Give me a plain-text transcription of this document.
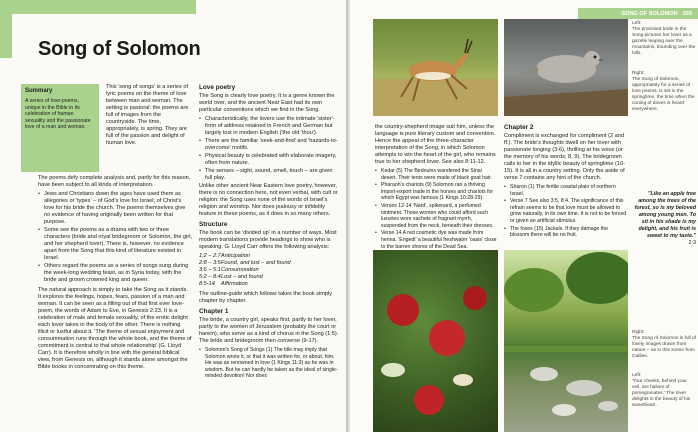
Song of Solomon
Summary
A series of love-poems, unique in the Bible in its celebration of human sexuality and the passionate love of a man and woman.
This 'song of songs' is a series of lyric poems on the theme of love between man and woman. The setting is pastoral: the poems are full of images from the countryside. The time, appropriately, is spring. They are full of the passion and delight of human love.

The poems defy complete analysis and, partly for this reason, have been subject to all kinds of interpretation.

• Jews and Christians down the ages have used them as allegories or 'types' – of God's love for Israel; of Christ's love for his bride the church. The poems themselves give no evidence of having originally been written for that purpose.
• Some see the poems as a drama with two or three characters (bride and royal bridegroom or Solomon, the girl, and her shepherd lover). There is, however, no evidence apart from the Song that this kind of literature existed in Israel.
• Others regard the poems as a series of songs sung during the week-long wedding feast, as in Syria today, with the bride and groom crowned king and queen.

The natural approach is simply to take the Song as it stands. It explores the feelings, hopes, fears, passion of a man and woman. It can be seen as a filling out of that first ever love-poem, the words of Adam to Eve, in Genesis 2:23. It is a celebration of male and female sexuality, of the erotic delight each lover takes in the body of the other. There is nothing illicit or lustful about it. 'The theme of sexual enjoyment and consummation runs through the whole book, and the theme of commitment is central to that whole relationship' (G. Lloyd Carr). It is therefore wholly in line with the general biblical view, from Genesis on, although it stands alone amongst the Bible books in concentrating on this theme.

Love poetry

The Song is clearly love poetry. It is a genre known the world over, and the ancient Near East had its own particular conventions which we find in the Song.

• Characteristically, the lovers use the intimate 'sister'-form of address retained in French and German but largely lost in modern English ('the old 'thou').
• There are the familiar 'seek-and-find' and 'hazards-to-overcome' motifs.
• Physical beauty is celebrated with elaborate imagery, often from nature.
• The senses – sight, sound, smell, touch – are given full play.

Unlike other ancient Near Eastern love poetry, however, there is no connection here, not even verbal, with cult or religion: the Song uses none of the words of Israel's religion and worship. Nor does jealousy or infidelity feature in these poems, as it does in so many others.

Structure

The book can be 'divided up' in a number of ways. Most modern translations provide headings to show who is speaking. G. Lloyd Carr offers the following analysis:

1:2 – 2:7 Anticipation
2:8 – 3:5 Found, and lost – and found
3:6 – 5:1 Consummation
5:2 – 8:4 Lost – and found
8:5-14	Affirmation

The outline-guide which follows takes the book simply chapter by chapter.

Chapter 1

The bride, a country girl, speaks first, partly to her lover, partly to the women of Jerusalem (probably the court or harem), who serve as a kind of chorus in the Song (1:5). The bride and bridegroom then converse (9-17).

• Solomon's Song of Songs (1) The title may imply that Solomon wrote it, or that it was written for, or about, him. He was as renowned in love (1 Kings 11:3) as he was in wisdom. But he can hardly be taken as the ideal of single-minded devotion! Nor does
SONG OF SOLOMON 393
Left:
The promised bride in the Song pictures her lover as a gazelle leaping over the mountains, bounding over the hills.
Right:
The Song of Solomon, appropriately for a series of love poems, is set in the springtime, the time when the cooing of doves is heard everywhere.

the country-shepherd image suit him, unless the language is pure literary custom and convention. Hence the appeal of the three-character interpretation of the Song, in which Solomon attempts to win the heart of the girl, who remains true to her shepherd lover. See also 8:11-12.

• Kedar (5) The Bedouins wandered the Sinai desert. Their tents were made of black goat hair.
• Pharaoh's chariots (9) Solomon ran a thriving import-export trade in the horses and chariots for which Egypt was famous (1 Kings 10:28-29).
• Verses 12-14 'Nard', spikenard, a perfumed ointment. Those women who could afford such luxuries wore sachets of fragrant myrrh, suspended from the neck, beneath their dresses.
• Verse 14 A red cosmetic dye was made from henna. 'Engedi' a beautiful freshwater 'oasis' close to the barren shores of the Dead Sea.
Chapter 2

Compliment is exchanged for compliment (2 and ff.). The bride's thoughts dwell on her lover with passionate longing (3-6), thrilling at his voice (or the memory of his words; 8, 9). The bridegroom calls to her in the idyllic beauty of springtime (10-15). It is all in a country setting. Only the aside of verse 7 contains any hint of the church.

• Sharon (1) The fertile coastal plain of northern Israel.
• Verse 7 See also 3:5, 8:4. The significance of this refrain seems to be that love must be allowed to grow naturally, in its own time. It is not to be forced or given an artificial stimulus.
• The foxes (15) Jackals. If they damage the blossom there will be no fruit.
"Like an apple tree among the trees of the forest, so is my beloved among young men. To sit in his shade is my delight, and his fruit is sweet to my taste."
2:3
Right:
The Song of Solomon is full of lovely images drawn from nature – as in this scene from Galilee.
Left:
'Your cheeks, behind your veil, are halves of pomegranates.' The lover delights in the beauty of his sweetheart.
